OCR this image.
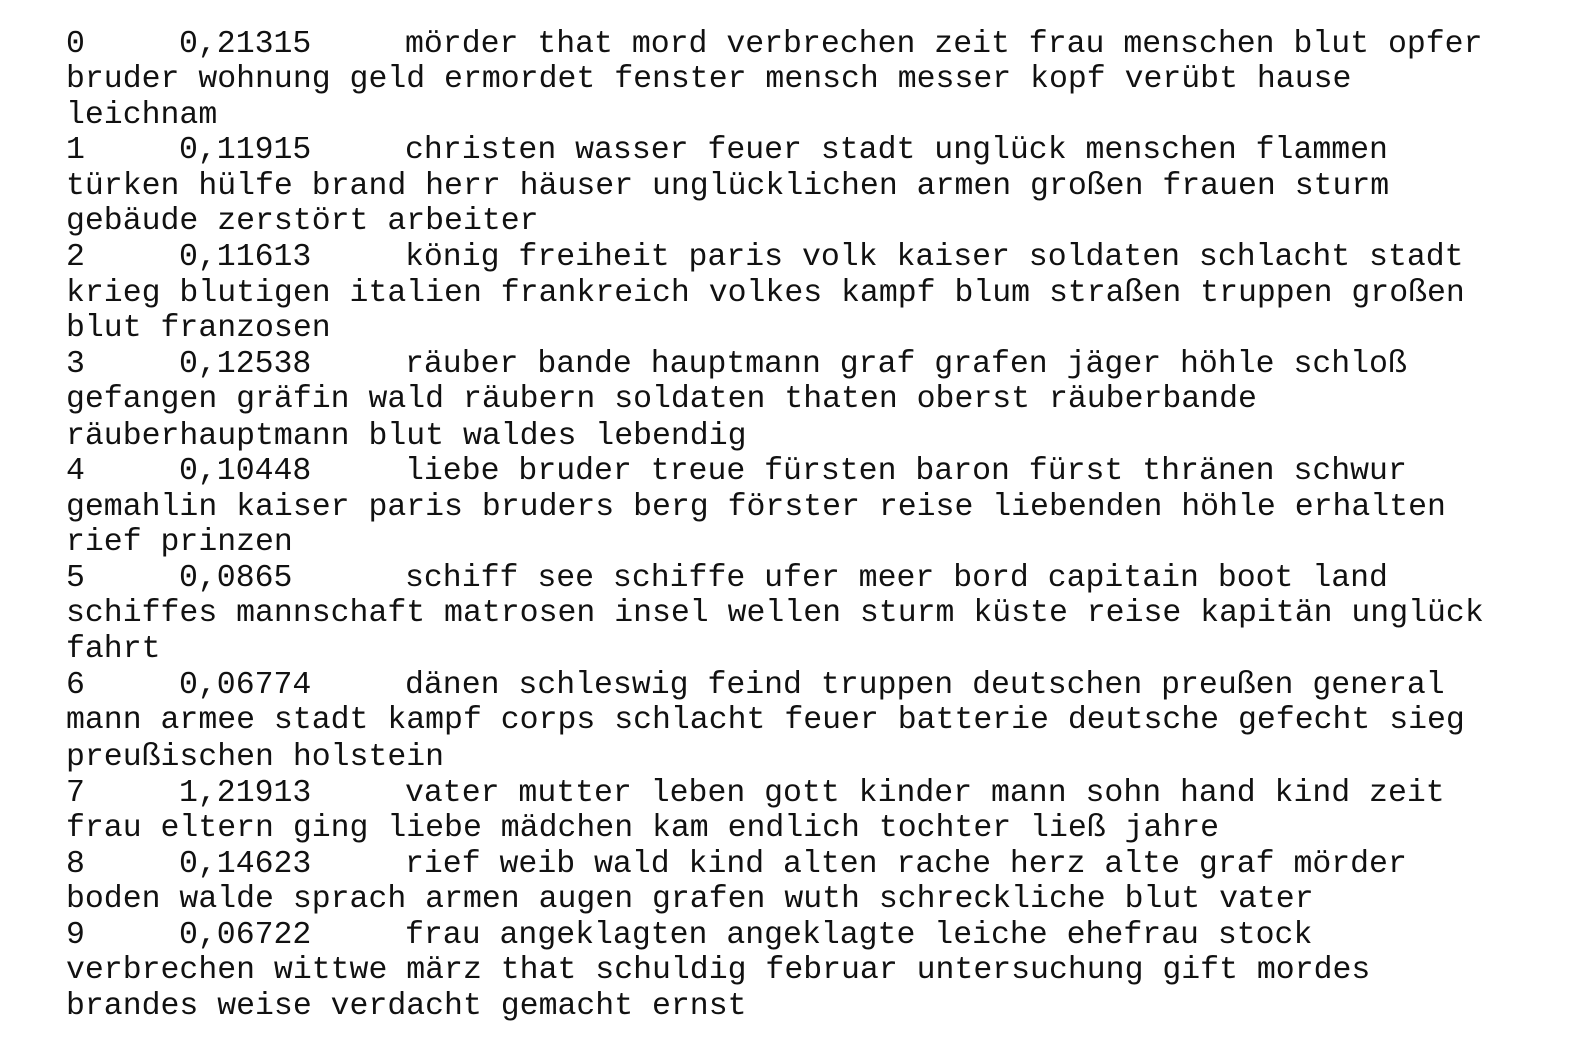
0	0,21315	mörder that mord verbrechen zeit frau menschen blut opfer

bruder wohnung geld ermordet fenster mensch messer kopf verübt hause

leichnam

1	0,11915	christen wasser feuer stadt unglück menschen flammen

türken hülfe brand herr häuser unglücklichen armen großen frauen sturm

gebäude zerstört arbeiter

2	0,11613	könig freiheit paris volk kaiser soldaten schlacht stadt

krieg blutigen italien frankreich volkes kampf blum straßen truppen großen

blut franzosen

3	0,12538	räuber bande hauptmann graf grafen jäger höhle schloß

gefangen gräfin wald räubern soldaten thaten oberst räuberbande

räuberhauptmann blut waldes lebendig

4	0,10448	liebe bruder treue fürsten baron fürst thränen schwur

gemahlin kaiser paris bruders berg förster reise liebenden höhle erhalten

rief prinzen

5	0,0865	schiff see schiffe ufer meer bord capitain boot land

schiffes mannschaft matrosen insel wellen sturm küste reise kapitän unglück

fahrt

6	0,06774	dänen schleswig feind truppen deutschen preußen general

mann armee stadt kampf corps schlacht feuer batterie deutsche gefecht sieg

preußischen holstein

7	1,21913	vater mutter leben gott kinder mann sohn hand kind zeit

frau eltern ging liebe mädchen kam endlich tochter ließ jahre

8	0,14623	rief weib wald kind alten rache herz alte graf mörder

boden walde sprach armen augen grafen wuth schreckliche blut vater

9	0,06722	frau angeklagten angeklagte leiche ehefrau stock

verbrechen wittwe märz that schuldig februar untersuchung gift mordes

brandes weise verdacht gemacht ernst
